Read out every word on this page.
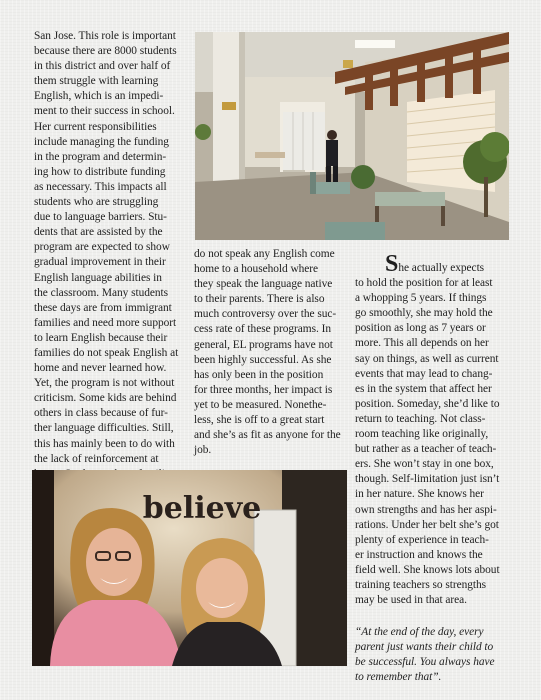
San Jose. This role is important
because there are 8000 students
in this district and over half of
them struggle with learning
English, which is an impedi-
ment to their success in school.
Her current responsibilities
include managing the funding
in the program and determin-
ing how to distribute funding
as necessary. This impacts all
students who are struggling
due to language barriers. Stu-
dents that are assisted by the
program are expected to show
gradual improvement in their
English language abilities in
the classroom. Many students
these days are from immigrant
families and need more support
to learn English because their
families do not speak English at
home and never learned how.
Yet, the program is not without
criticism. Some kids are behind
others in class because of fur-
ther language difficulties. Still,
this has mainly been to do with
the lack of reinforcement at

do not speak any English come
home to a household where
they speak the language native
to their parents. There is also
much controversy over the suc-
cess rate of these programs. In
general, EL programs have not
been highly successful. As she
has only been in the position
for three months, her impact is
yet to be measured. Nonethe-
less, she is off to a great start
and she’s as fit as anyone for the
job.

She actually expects

to hold the position for at least
a whopping 5 years. If things
go smoothly, she may hold the
position as long as 7 years or
more. This all depends on her
say on things, as well as current
events that may lead to chang-
es in the system that affect her
position. Someday, she’d like to
return to teaching. Not class-
room teaching like originally,
but rather as a teacher of teach-
ers. She won’t stay in one box,
though. Self-limitation just isn’t
in her nature. She knows her
own strengths and has her aspi-
rations. Under her belt she’s got
plenty of experience in teach-
er instruction and knows the
field well. She knows lots about
training teachers so strengths
may be used in that area.

“At the end of the day, every
parent just wants their child to
be successful. You always have
to remember that”.

believe
